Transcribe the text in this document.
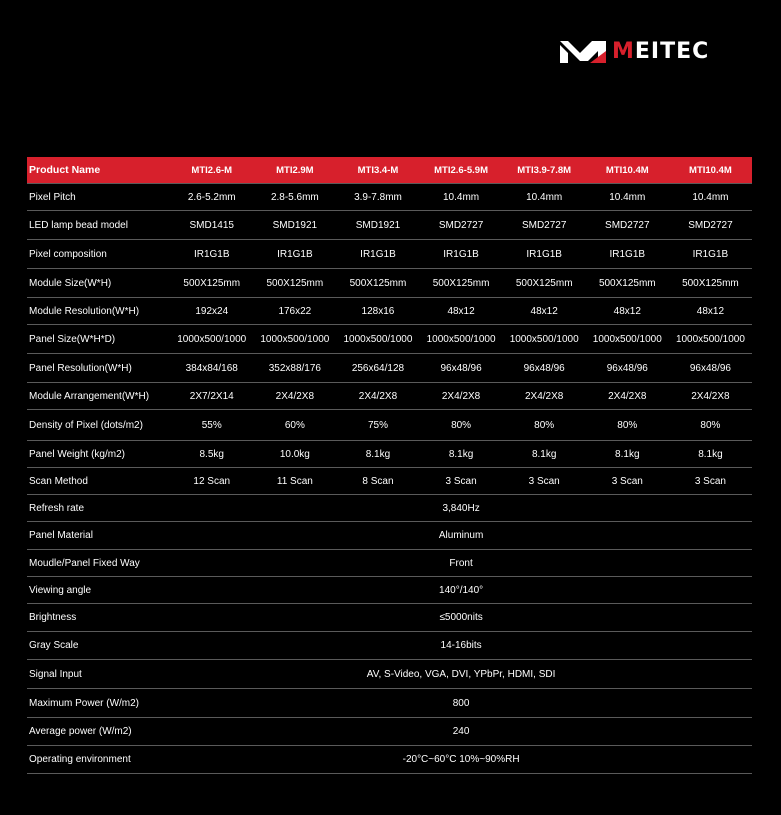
MEITEC
Product Name	MTI2.6-M	MTI2.9M	MTI3.4-M	MTI2.6-5.9M	MTI3.9-7.8M	MTI10.4M	MTI10.4M
Pixel Pitch	2.6-5.2mm	2.8-5.6mm	3.9-7.8mm	10.4mm	10.4mm	10.4mm	10.4mm
LED lamp bead model	SMD1415	SMD1921	SMD1921	SMD2727	SMD2727	SMD2727	SMD2727
Pixel composition	IR1G1B	IR1G1B	IR1G1B	IR1G1B	IR1G1B	IR1G1B	IR1G1B
Module Size(W*H)	500X125mm	500X125mm	500X125mm	500X125mm	500X125mm	500X125mm	500X125mm
Module Resolution(W*H)	192x24	176x22	128x16	48x12	48x12	48x12	48x12
Panel Size(W*H*D)	1000x500/1000	1000x500/1000	1000x500/1000	1000x500/1000	1000x500/1000	1000x500/1000	1000x500/1000
Panel Resolution(W*H)	384x84/168	352x88/176	256x64/128	96x48/96	96x48/96	96x48/96	96x48/96
Module Arrangement(W*H)	2X7/2X14	2X4/2X8	2X4/2X8	2X4/2X8	2X4/2X8	2X4/2X8	2X4/2X8
Density of Pixel (dots/m2)	55%	60%	75%	80%	80%	80%	80%
Panel Weight (kg/m2)	8.5kg	10.0kg	8.1kg	8.1kg	8.1kg	8.1kg	8.1kg
Scan Method	12 Scan	11 Scan	8 Scan	3 Scan	3 Scan	3 Scan	3 Scan
Refresh rate	3,840Hz						
Panel Material	Aluminum						
Moudle/Panel Fixed Way	Front						
Viewing angle	140°/140°						
Brightness	≤5000nits						
Gray Scale	14-16bits						
Signal Input	AV, S-Video, VGA, DVI, YPbPr, HDMI, SDI						
Maximum Power (W/m2)	800						
Average power (W/m2)	240						
Operating environment	-20°C~60°C 10%~90%RH						
